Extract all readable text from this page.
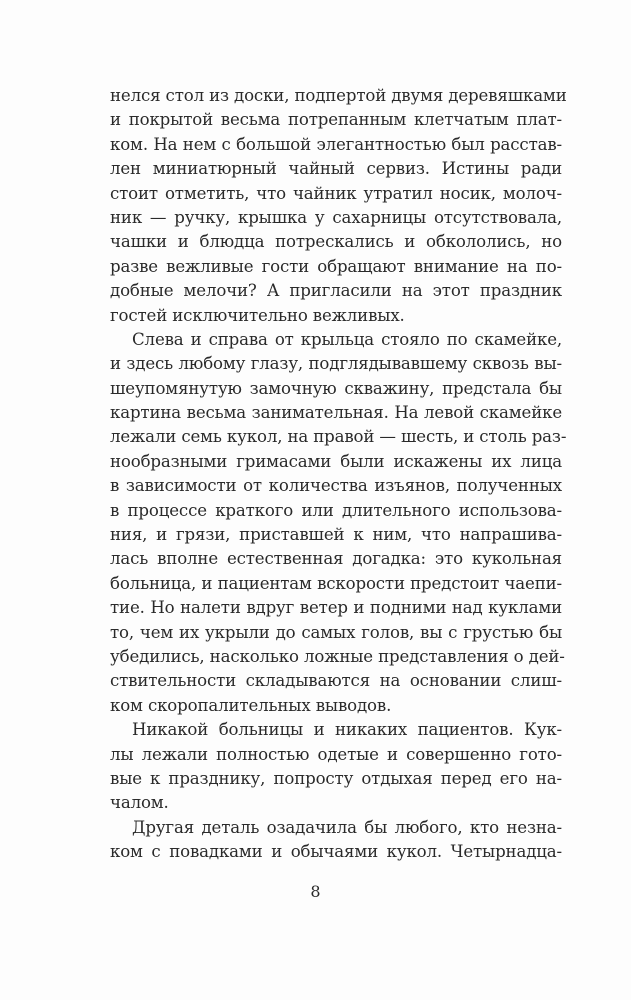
нелся стол из доски, подпертой двумя деревяшками
и покрытой весьма потрепанным клетчатым плат-
ком. На нем с большой элегантностью был расстав-
лен миниатюрный чайный сервиз. Истины ради
стоит отметить, что чайник утратил носик, молоч-
ник — ручку, крышка у сахарницы отсутствовала,
чашки и блюдца потрескались и обкололись, но
разве вежливые гости обращают внимание на по-
добные мелочи? А пригласили на этот праздник
гостей исключительно вежливых.
Слева и справа от крыльца стояло по скамейке,
и здесь любому глазу, подглядывавшему сквозь вы-
шеупомянутую замочную скважину, предстала бы
картина весьма занимательная. На левой скамейке
лежали семь кукол, на правой — шесть, и столь раз-
нообразными гримасами были искажены их лица
в зависимости от количества изъянов, полученных
в процессе краткого или длительного использова-
ния, и грязи, приставшей к ним, что напрашива-
лась вполне естественная догадка: это кукольная
больница, и пациентам вскорости предстоит чаепи-
тие. Но налети вдруг ветер и подними над куклами
то, чем их укрыли до самых голов, вы с грустью бы
убедились, насколько ложные представления о дей-
ствительности складываются на основании слиш-
ком скоропалительных выводов.
Никакой больницы и никаких пациентов. Кук-
лы лежали полностью одетые и совершенно гото-
вые к празднику, попросту отдыхая перед его на-
чалом.
Другая деталь озадачила бы любого, кто незна-
ком с повадками и обычаями кукол. Четырнадца-
8
